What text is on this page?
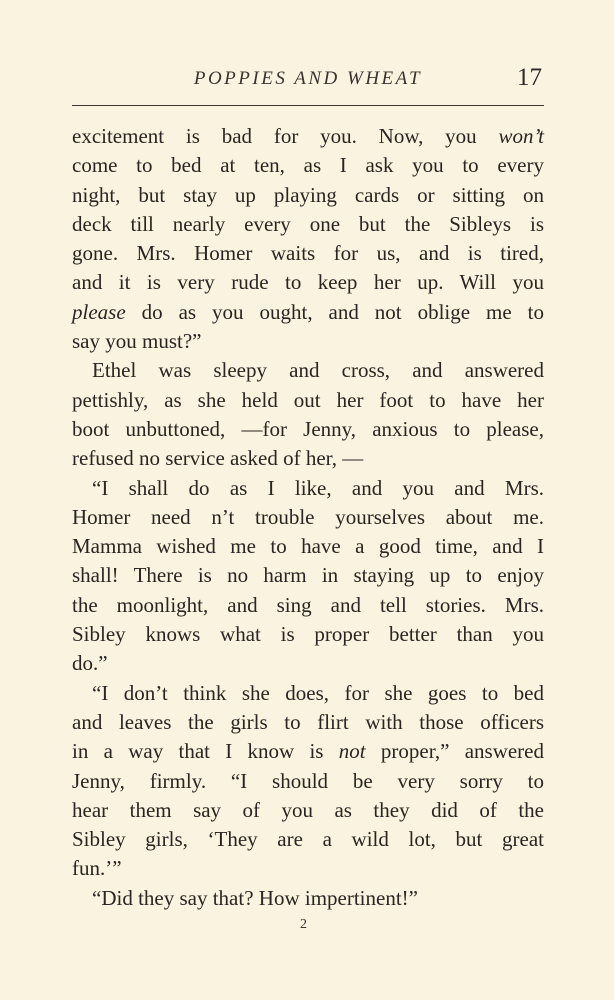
POPPIES AND WHEAT	17
excitement is bad for you. Now, you won’t
come to bed at ten, as I ask you to every
night, but stay up playing cards or sitting on
deck till nearly every one but the Sibleys is
gone. Mrs. Homer waits for us, and is tired,
and it is very rude to keep her up. Will you
please do as you ought, and not oblige me to
say you must?”
Ethel was sleepy and cross, and answered
pettishly, as she held out her foot to have her
boot unbuttoned, —for Jenny, anxious to please,
refused no service asked of her, —
“I shall do as I like, and you and Mrs.
Homer need n’t trouble yourselves about me.
Mamma wished me to have a good time, and I
shall! There is no harm in staying up to enjoy
the moonlight, and sing and tell stories. Mrs.
Sibley knows what is proper better than you
do.”
“I don’t think she does, for she goes to bed
and leaves the girls to flirt with those officers
in a way that I know is not proper,” answered
Jenny, firmly. “I should be very sorry to
hear them say of you as they did of the
Sibley girls, ‘They are a wild lot, but great
fun.’”
“Did they say that? How impertinent!”
2
